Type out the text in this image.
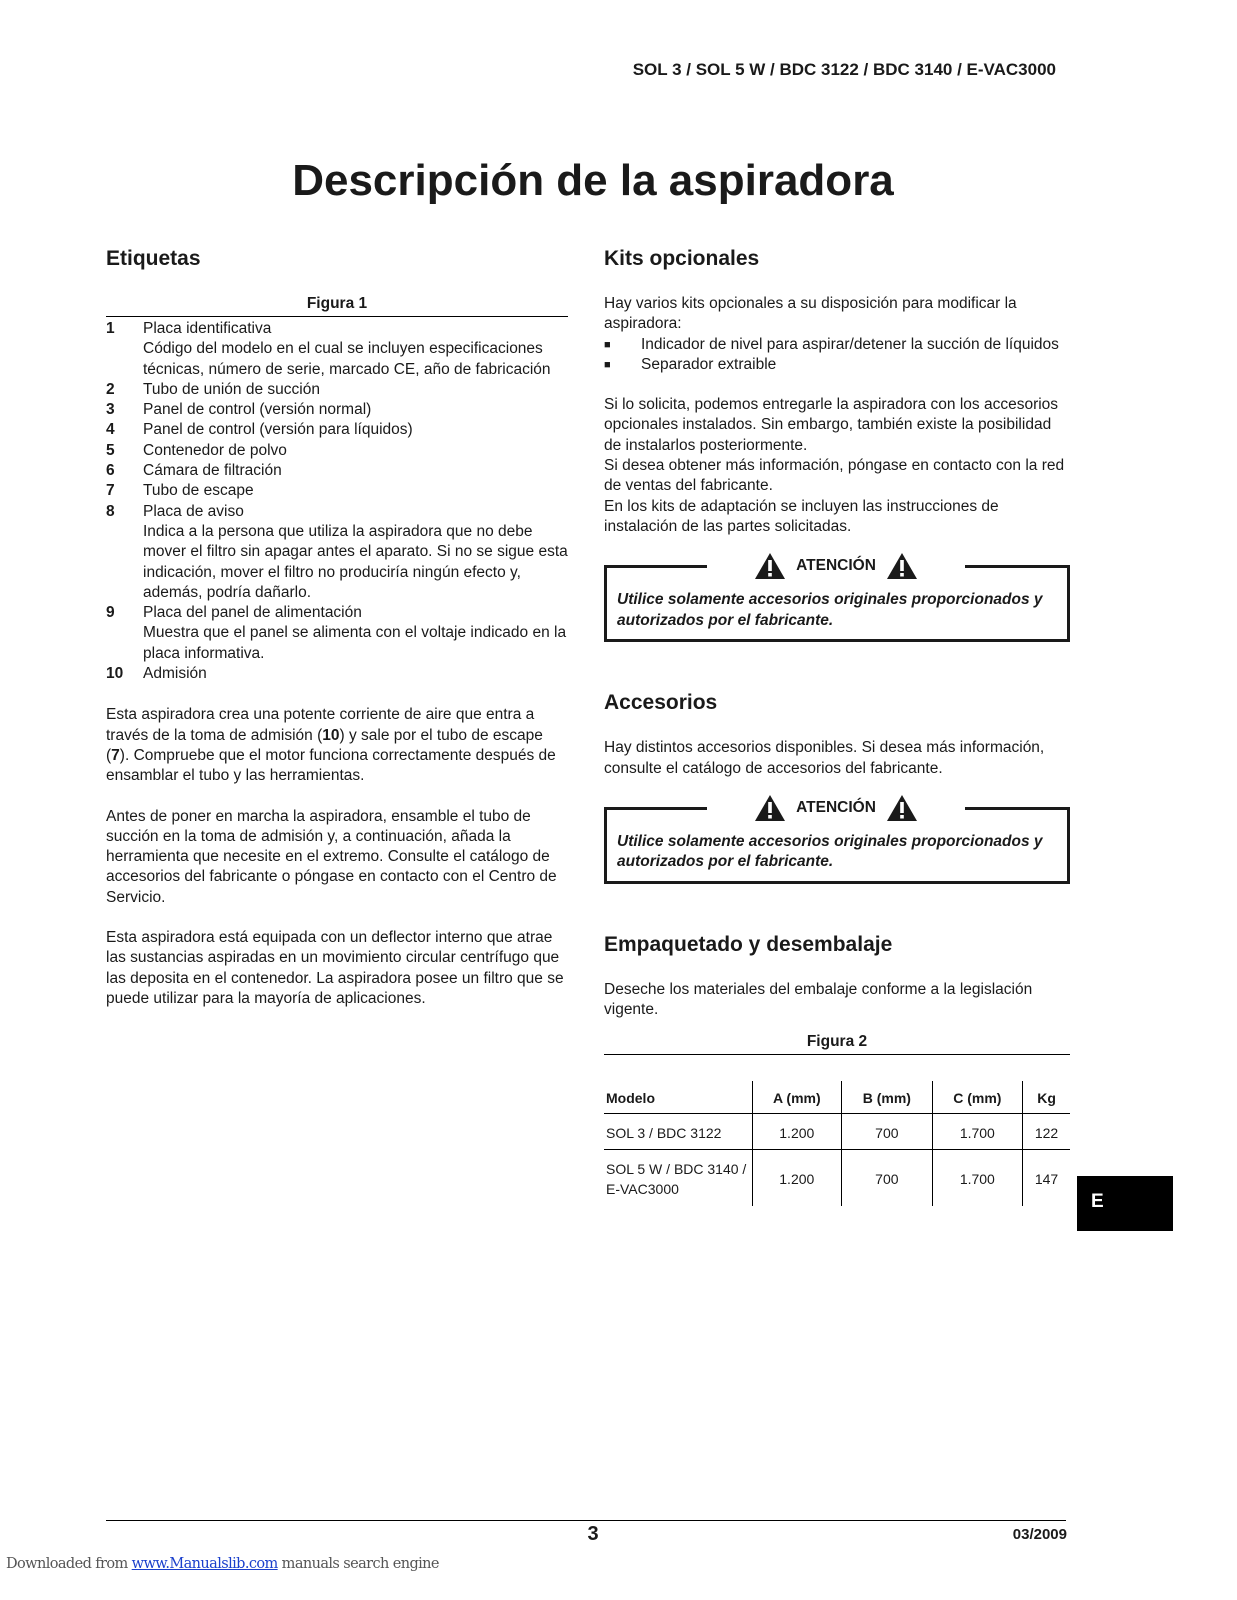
SOL 3 / SOL 5 W / BDC 3122 / BDC 3140 / E-VAC3000
Descripción de la aspiradora
Etiquetas
Figura 1
1	Placa identificativa
Código del modelo en el cual se incluyen especificaciones técnicas, número de serie, marcado CE, año de fabricación
2	Tubo de unión de succión
3	Panel de control (versión normal)
4	Panel de control (versión para líquidos)
5	Contenedor de polvo
6	Cámara de filtración
7	Tubo de escape
8	Placa de aviso
Indica a la persona que utiliza la aspiradora que no debe mover el filtro sin apagar antes el aparato. Si no se sigue esta indicación, mover el filtro no produciría ningún efecto y, además, podría dañarlo.
9	Placa del panel de alimentación
Muestra que el panel se alimenta con el voltaje indicado en la placa informativa.
10	Admisión

Esta aspiradora crea una potente corriente de aire que entra a través de la toma de admisión (10) y sale por el tubo de escape (7). Compruebe que el motor funciona correctamente después de ensamblar el tubo y las herramientas.

Antes de poner en marcha la aspiradora, ensamble el tubo de succión en la toma de admisión y, a continuación, añada la herramienta que necesite en el extremo. Consulte el catálogo de accesorios del fabricante o póngase en contacto con el Centro de Servicio.

Esta aspiradora está equipada con un deflector interno que atrae las sustancias aspiradas en un movimiento circular centrífugo que las deposita en el contenedor. La aspiradora posee un filtro que se puede utilizar para la mayoría de aplicaciones.

Kits opcionales

Hay varios kits opcionales a su disposición para modificar la aspiradora:

■	Indicador de nivel para aspirar/detener la succión de líquidos
■	Separador extraible

Si lo solicita, podemos entregarle la aspiradora con los accesorios opcionales instalados. Sin embargo, también existe la posibilidad de instalarlos posteriormente.

Si desea obtener más información, póngase en contacto con la red de ventas del fabricante.

En los kits de adaptación se incluyen las instrucciones de instalación de las partes solicitadas.

ATENCIÓN
Utilice solamente accesorios originales proporcionados y autorizados por el fabricante.
Accesorios

Hay distintos accesorios disponibles. Si desea más información, consulte el catálogo de accesorios del fabricante.

ATENCIÓN
Utilice solamente accesorios originales proporcionados y autorizados por el fabricante.
Empaquetado y desembalaje

Deseche los materiales del embalaje conforme a la legislación vigente.

Figura 2
Modelo	A (mm)	B (mm)	C (mm)	Kg
SOL 3 / BDC 3122	1.200	700	1.700	122
SOL 5 W / BDC 3140 / E-VAC3000	1.200	700	1.700	147
E
3	03/2009
Downloaded from www.Manualslib.com manuals search engine
